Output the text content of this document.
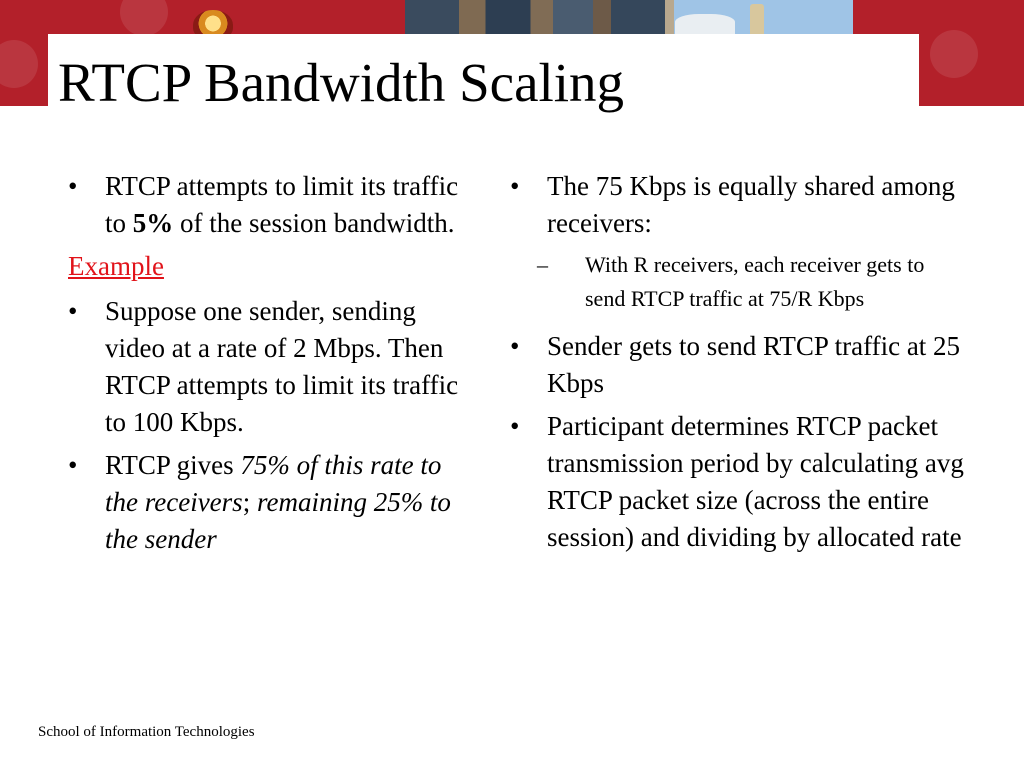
RTCP Bandwidth Scaling
• RTCP attempts to limit its traffic to 5% of the session bandwidth.
Example
• Suppose one sender, sending video at a rate of 2 Mbps. Then RTCP attempts to limit its traffic to 100 Kbps.
• RTCP gives 75% of this rate to the receivers; remaining 25% to the sender
• The 75 Kbps is equally shared among receivers:
– With R receivers, each receiver gets to send RTCP traffic at 75/R Kbps
• Sender gets to send RTCP traffic at 25 Kbps
• Participant determines RTCP packet transmission period by calculating avg RTCP packet size (across the entire session) and dividing by allocated rate
School of Information Technologies
